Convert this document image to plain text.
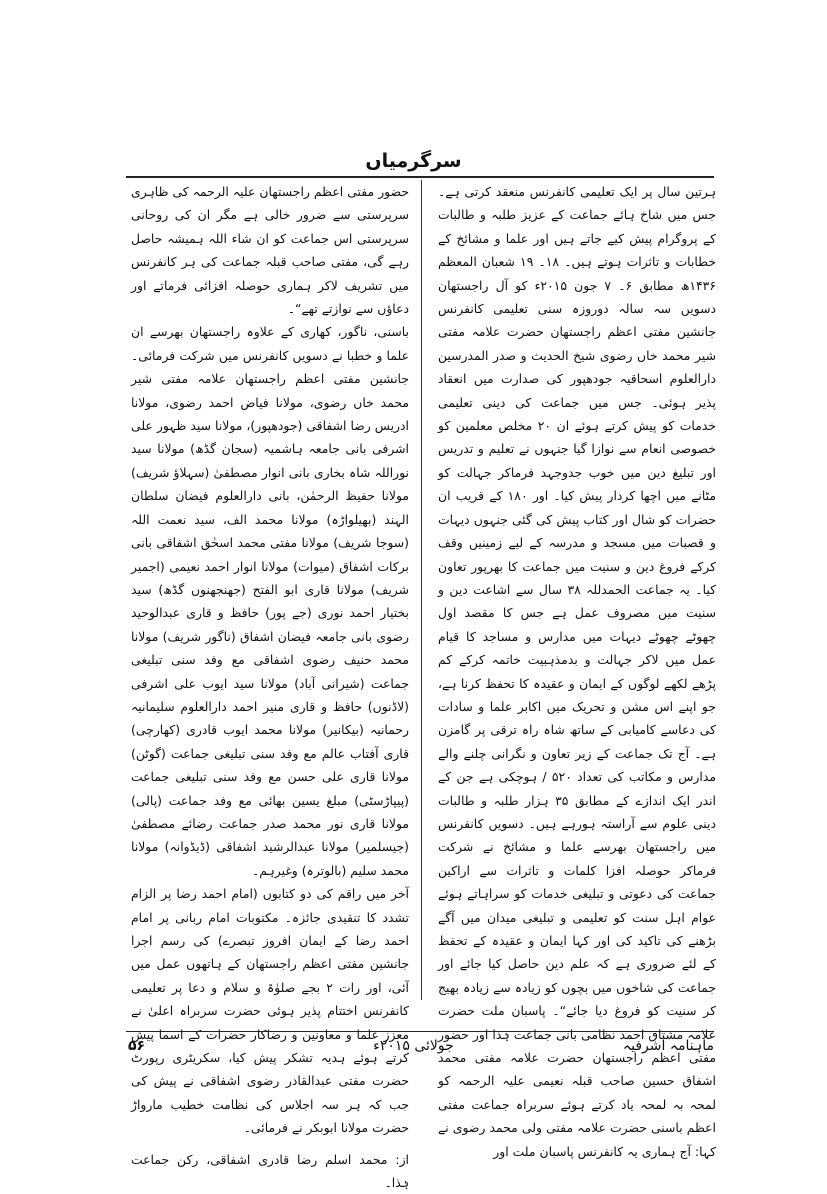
سرگرمیاں

ہرتین سال پر ایک تعلیمی کانفرنس منعقد کرتی ہے۔ جس میں شاخ ہائے جماعت کے عزیز طلبہ و طالبات کے پروگرام پیش کیے جاتے ہیں اور علما و مشائخ کے خطابات و تاثرات ہوتے ہیں۔ ۱۸۔ ۱۹ شعبان المعظم ۱۴۳۶ھ مطابق ۶۔ ۷ جون ۲۰۱۵ء کو آل راجستھان دسویں سہ سالہ دوروزہ سنی تعلیمی کانفرنس جانشین مفتی اعظم راجستھان حضرت علامہ مفتی شیر محمد خاں رضوی شیخ الحدیث و صدر المدرسین دارالعلوم اسحاقیہ جودھپور کی صدارت میں انعقاد پذیر ہوئی۔ جس میں جماعت کی دینی تعلیمی خدمات کو پیش کرتے ہوئے ان ۲۰ مخلص معلمین کو خصوصی انعام سے نوازا گیا جنہوں نے تعلیم و تدریس اور تبلیغ دین میں خوب جدوجہد فرماکر جہالت کو مٹانے میں اچھا کردار پیش کیا۔ اور ۱۸۰ کے قریب ان حضرات کو شال اور کتاب پیش کی گئی جنہوں دیہات و قصبات میں مسجد و مدرسہ کے لیے زمینیں وقف کرکے فروغ دین و سنیت میں جماعت کا بھرپور تعاون کیا۔ یہ جماعت الحمدللہ ۳۸ سال سے اشاعت دین و سنیت میں مصروف عمل ہے جس کا مقصد اول چھوٹے چھوٹے دیہات میں مدارس و مساجد کا قیام عمل میں لاکر جہالت و بدمذہبیت خاتمہ کرکے کم پڑھے لکھے لوگوں کے ایمان و عقیدہ کا تحفظ کرنا ہے، جو اپنے اس مشن و تحریک میں اکابر علما و سادات کی دعاسے کامیابی کے ساتھ شاہ راہ ترقی پر گامزن ہے۔ آج تک جماعت کے زیر تعاون و نگرانی چلنے والے مدارس و مکاتب کی تعداد ۵۲۰ / ہوچکی ہے جن کے اندر ایک اندازے کے مطابق ۳۵ ہزار طلبہ و طالبات دینی علوم سے آراستہ ہورہے ہیں۔ دسویں کانفرنس میں راجستھان بھرسے علما و مشائخ نے شرکت فرماکر حوصلہ افزا کلمات و تاثرات سے اراکین جماعت کی دعوتی و تبلیغی خدمات کو سراہاتے ہوئے عوام اہل سنت کو تعلیمی و تبلیغی میدان میں آگے بڑھنے کی تاکید کی اور کہا ایمان و عقیدہ کے تحفظ کے لئے ضروری ہے کہ علم دین حاصل کیا جائے اور جماعت کی شاخوں میں بچوں کو زیادہ سے زیادہ بھیج کر سنیت کو فروغ دیا جائے“۔ پاسبان ملت حضرت علامہ مشتاق احمد نظامی بانی جماعت ہٰذا اور حضور مفتی اعظم راجستھان حضرت علامہ مفتی محمد اشفاق حسین صاحب قبلہ نعیمی علیہ الرحمہ کو لمحہ بہ لمحہ یاد کرتے ہوئے سربراہ جماعت مفتی اعظم باسنی حضرت علامہ مفتی ولی محمد رضوی نے کہا: آج ہماری یہ کانفرنس پاسبان ملت اور

حضور مفتی اعظم راجستھان علیہ الرحمہ کی ظاہری سرپرستی سے ضرور خالی ہے مگر ان کی روحانی سرپرستی اس جماعت کو ان شاء اللہ ہمیشہ حاصل رہے گی، مفتی صاحب قبلہ جماعت کی ہر کانفرنس میں تشریف لاکر ہماری حوصلہ افزائی فرماتے اور دعاؤں سے نوازتے تھے“۔

باسنی، ناگور، کھاری کے علاوہ راجستھان بھرسے ان علما و خطبا نے دسویں کانفرنس میں شرکت فرمائی۔ جانشین مفتی اعظم راجستھان علامہ مفتی شیر محمد خاں رضوی، مولانا فیاض احمد رضوی، مولانا ادریس رضا اشفاقی (جودھپور)، مولانا سید ظہور علی اشرفی بانی جامعہ ہاشمیہ (سجان گڈھ) مولانا سید نوراللہ شاہ بخاری بانی انوار مصطفیٰ (سہلاؤ شریف) مولانا حفیظ الرحمٰن، بانی دارالعلوم فیضان سلطان الہند (بھیلواڑہ) مولانا محمد الف، سید نعمت اللہ (سوجا شریف) مولانا مفتی محمد اسحٰق اشفاقی بانی برکات اشفاق (میوات) مولانا انوار احمد نعیمی (اجمیر شریف) مولانا قاری ابو الفتح (جھنجھنوں گڈھ) سید بختیار احمد نوری (جے پور) حافظ و قاری عبدالوحید رضوی بانی جامعہ فیضان اشفاق (ناگور شریف) مولانا محمد حنیف رضوی اشفاقی مع وفد سنی تبلیغی جماعت (شیرانی آباد) مولانا سید ایوب علی اشرفی (لاڈنوں) حافظ و قاری منیر احمد دارالعلوم سلیمانیہ رحمانیہ (بیکانیر) مولانا محمد ایوب قادری (کھارچی) قاری آفتاب عالم مع وفد سنی تبلیغی جماعت (گوٹن) مولانا قاری علی حسن مع وفد سنی تبلیغی جماعت (پیپاڑسٹی) مبلغ یسین بھائی مع وفد جماعت (پالی) مولانا قاری نور محمد صدر جماعت رضائے مصطفیٰ (جیسلمیر) مولانا عبدالرشید اشفاقی (ڈیڈوانہ) مولانا محمد سلیم (بالوترہ) وغیرہم۔

آخر میں راقم کی دو کتابوں (امام احمد رضا پر الزام تشدد کا تنقیدی جائزہ۔ مکتوبات امام ربانی پر امام احمد رضا کے ایمان افروز تبصرے) کی رسم اجرا جانشین مفتی اعظم راجستھان کے ہاتھوں عمل میں آئی، اور رات ۲ بجے صلوٰۃ و سلام و دعا پر تعلیمی کانفرنس اختتام پذیر ہوئی حضرت سربراہ اعلیٰ نے معزز علما و معاونین و رضاکار حضرات کے اسما پیش کرتے ہوئے ہدیہ تشکر پیش کیا، سکریٹری رپورٹ حضرت مفتی عبدالقادر رضوی اشفاقی نے پیش کی جب کہ ہر سہ اجلاس کی نظامت خطیب مارواڑ حضرت مولانا ابوبکر نے فرمائی۔

از: محمد اسلم رضا قادری اشفاقی، رکن جماعت ہٰذا۔

ماہنامہ اشرفیہ
جولائی ۲۰۱۵ء
۵۶
